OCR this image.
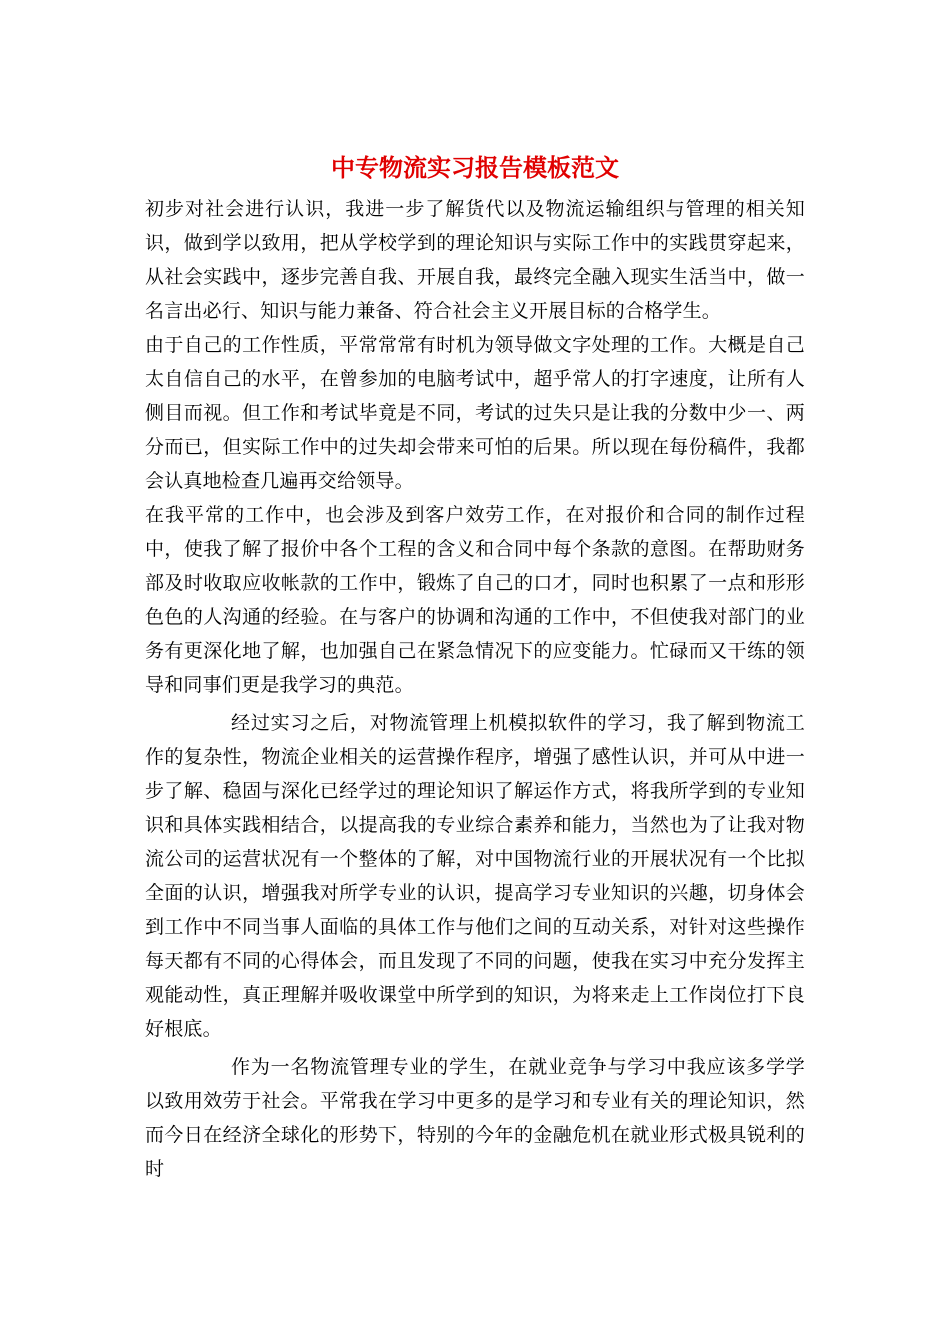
中专物流实习报告模板范文

初步对社会进行认识，我进一步了解货代以及物流运输组织与管理的相关知识，做到学以致用，把从学校学到的理论知识与实际工作中的实践贯穿起来，从社会实践中，逐步完善自我、开展自我，最终完全融入现实生活当中，做一名言出必行、知识与能力兼备、符合社会主义开展目标的合格学生。

由于自己的工作性质，平常常常有时机为领导做文字处理的工作。大概是自己太自信自己的水平，在曾参加的电脑考试中，超乎常人的打字速度，让所有人侧目而视。但工作和考试毕竟是不同，考试的过失只是让我的分数中少一、两分而已，但实际工作中的过失却会带来可怕的后果。所以现在每份稿件，我都会认真地检查几遍再交给领导。

在我平常的工作中，也会涉及到客户效劳工作，在对报价和合同的制作过程中，使我了解了报价中各个工程的含义和合同中每个条款的意图。在帮助财务部及时收取应收帐款的工作中，锻炼了自己的口才，同时也积累了一点和形形色色的人沟通的经验。在与客户的协调和沟通的工作中，不但使我对部门的业务有更深化地了解，也加强自己在紧急情况下的应变能力。忙碌而又干练的领导和同事们更是我学习的典范。

经过实习之后，对物流管理上机模拟软件的学习，我了解到物流工作的复杂性，物流企业相关的运营操作程序，增强了感性认识，并可从中进一步了解、稳固与深化已经学过的理论知识了解运作方式，将我所学到的专业知识和具体实践相结合，以提高我的专业综合素养和能力，当然也为了让我对物流公司的运营状况有一个整体的了解，对中国物流行业的开展状况有一个比拟全面的认识，增强我对所学专业的认识，提高学习专业知识的兴趣，切身体会到工作中不同当事人面临的具体工作与他们之间的互动关系，对针对这些操作每天都有不同的心得体会，而且发现了不同的问题，使我在实习中充分发挥主观能动性，真正理解并吸收课堂中所学到的知识，为将来走上工作岗位打下良好根底。

作为一名物流管理专业的学生，在就业竞争与学习中我应该多学学以致用效劳于社会。平常我在学习中更多的是学习和专业有关的理论知识，然而今日在经济全球化的形势下，特别的今年的金融危机在就业形式极具锐利的时
